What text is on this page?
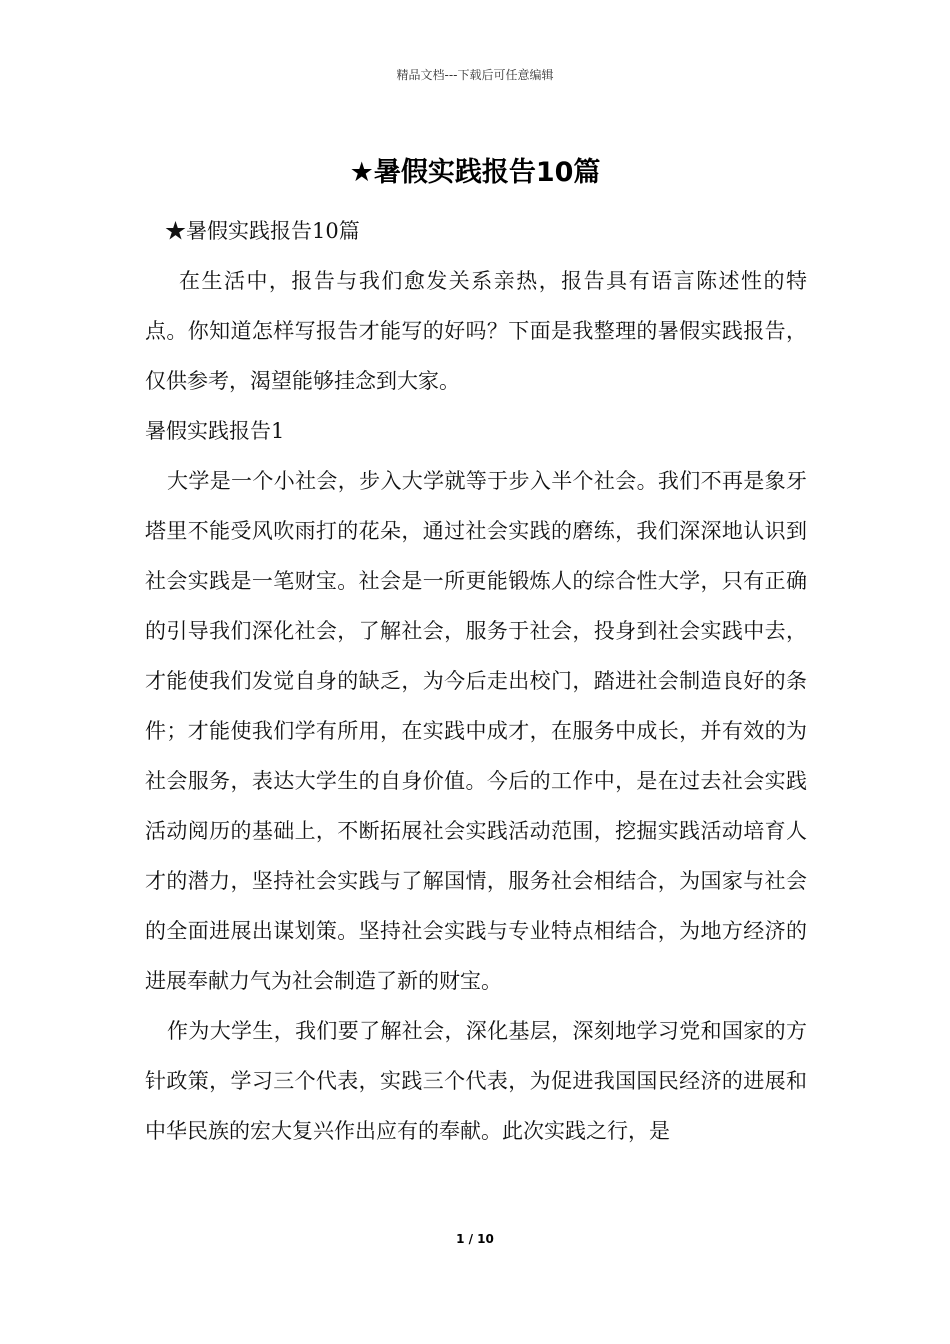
精品文档---下载后可任意编辑
★暑假实践报告10篇

★暑假实践报告10篇

在生活中，报告与我们愈发关系亲热，报告具有语言陈述性的特点。你知道怎样写报告才能写的好吗？下面是我整理的暑假实践报告，仅供参考，渴望能够挂念到大家。

暑假实践报告1

大学是一个小社会，步入大学就等于步入半个社会。我们不再是象牙塔里不能受风吹雨打的花朵，通过社会实践的磨练，我们深深地认识到社会实践是一笔财宝。社会是一所更能锻炼人的综合性大学，只有正确的引导我们深化社会，了解社会，服务于社会，投身到社会实践中去，才能使我们发觉自身的缺乏，为今后走出校门，踏进社会制造良好的条件；才能使我们学有所用，在实践中成才，在服务中成长，并有效的为社会服务，表达大学生的自身价值。今后的工作中，是在过去社会实践活动阅历的基础上，不断拓展社会实践活动范围，挖掘实践活动培育人才的潜力，坚持社会实践与了解国情，服务社会相结合，为国家与社会的全面进展出谋划策。坚持社会实践与专业特点相结合，为地方经济的进展奉献力气为社会制造了新的财宝。

作为大学生，我们要了解社会，深化基层，深刻地学习党和国家的方针政策，学习三个代表，实践三个代表，为促进我国国民经济的进展和中华民族的宏大复兴作出应有的奉献。此次实践之行，是

1 / 10
